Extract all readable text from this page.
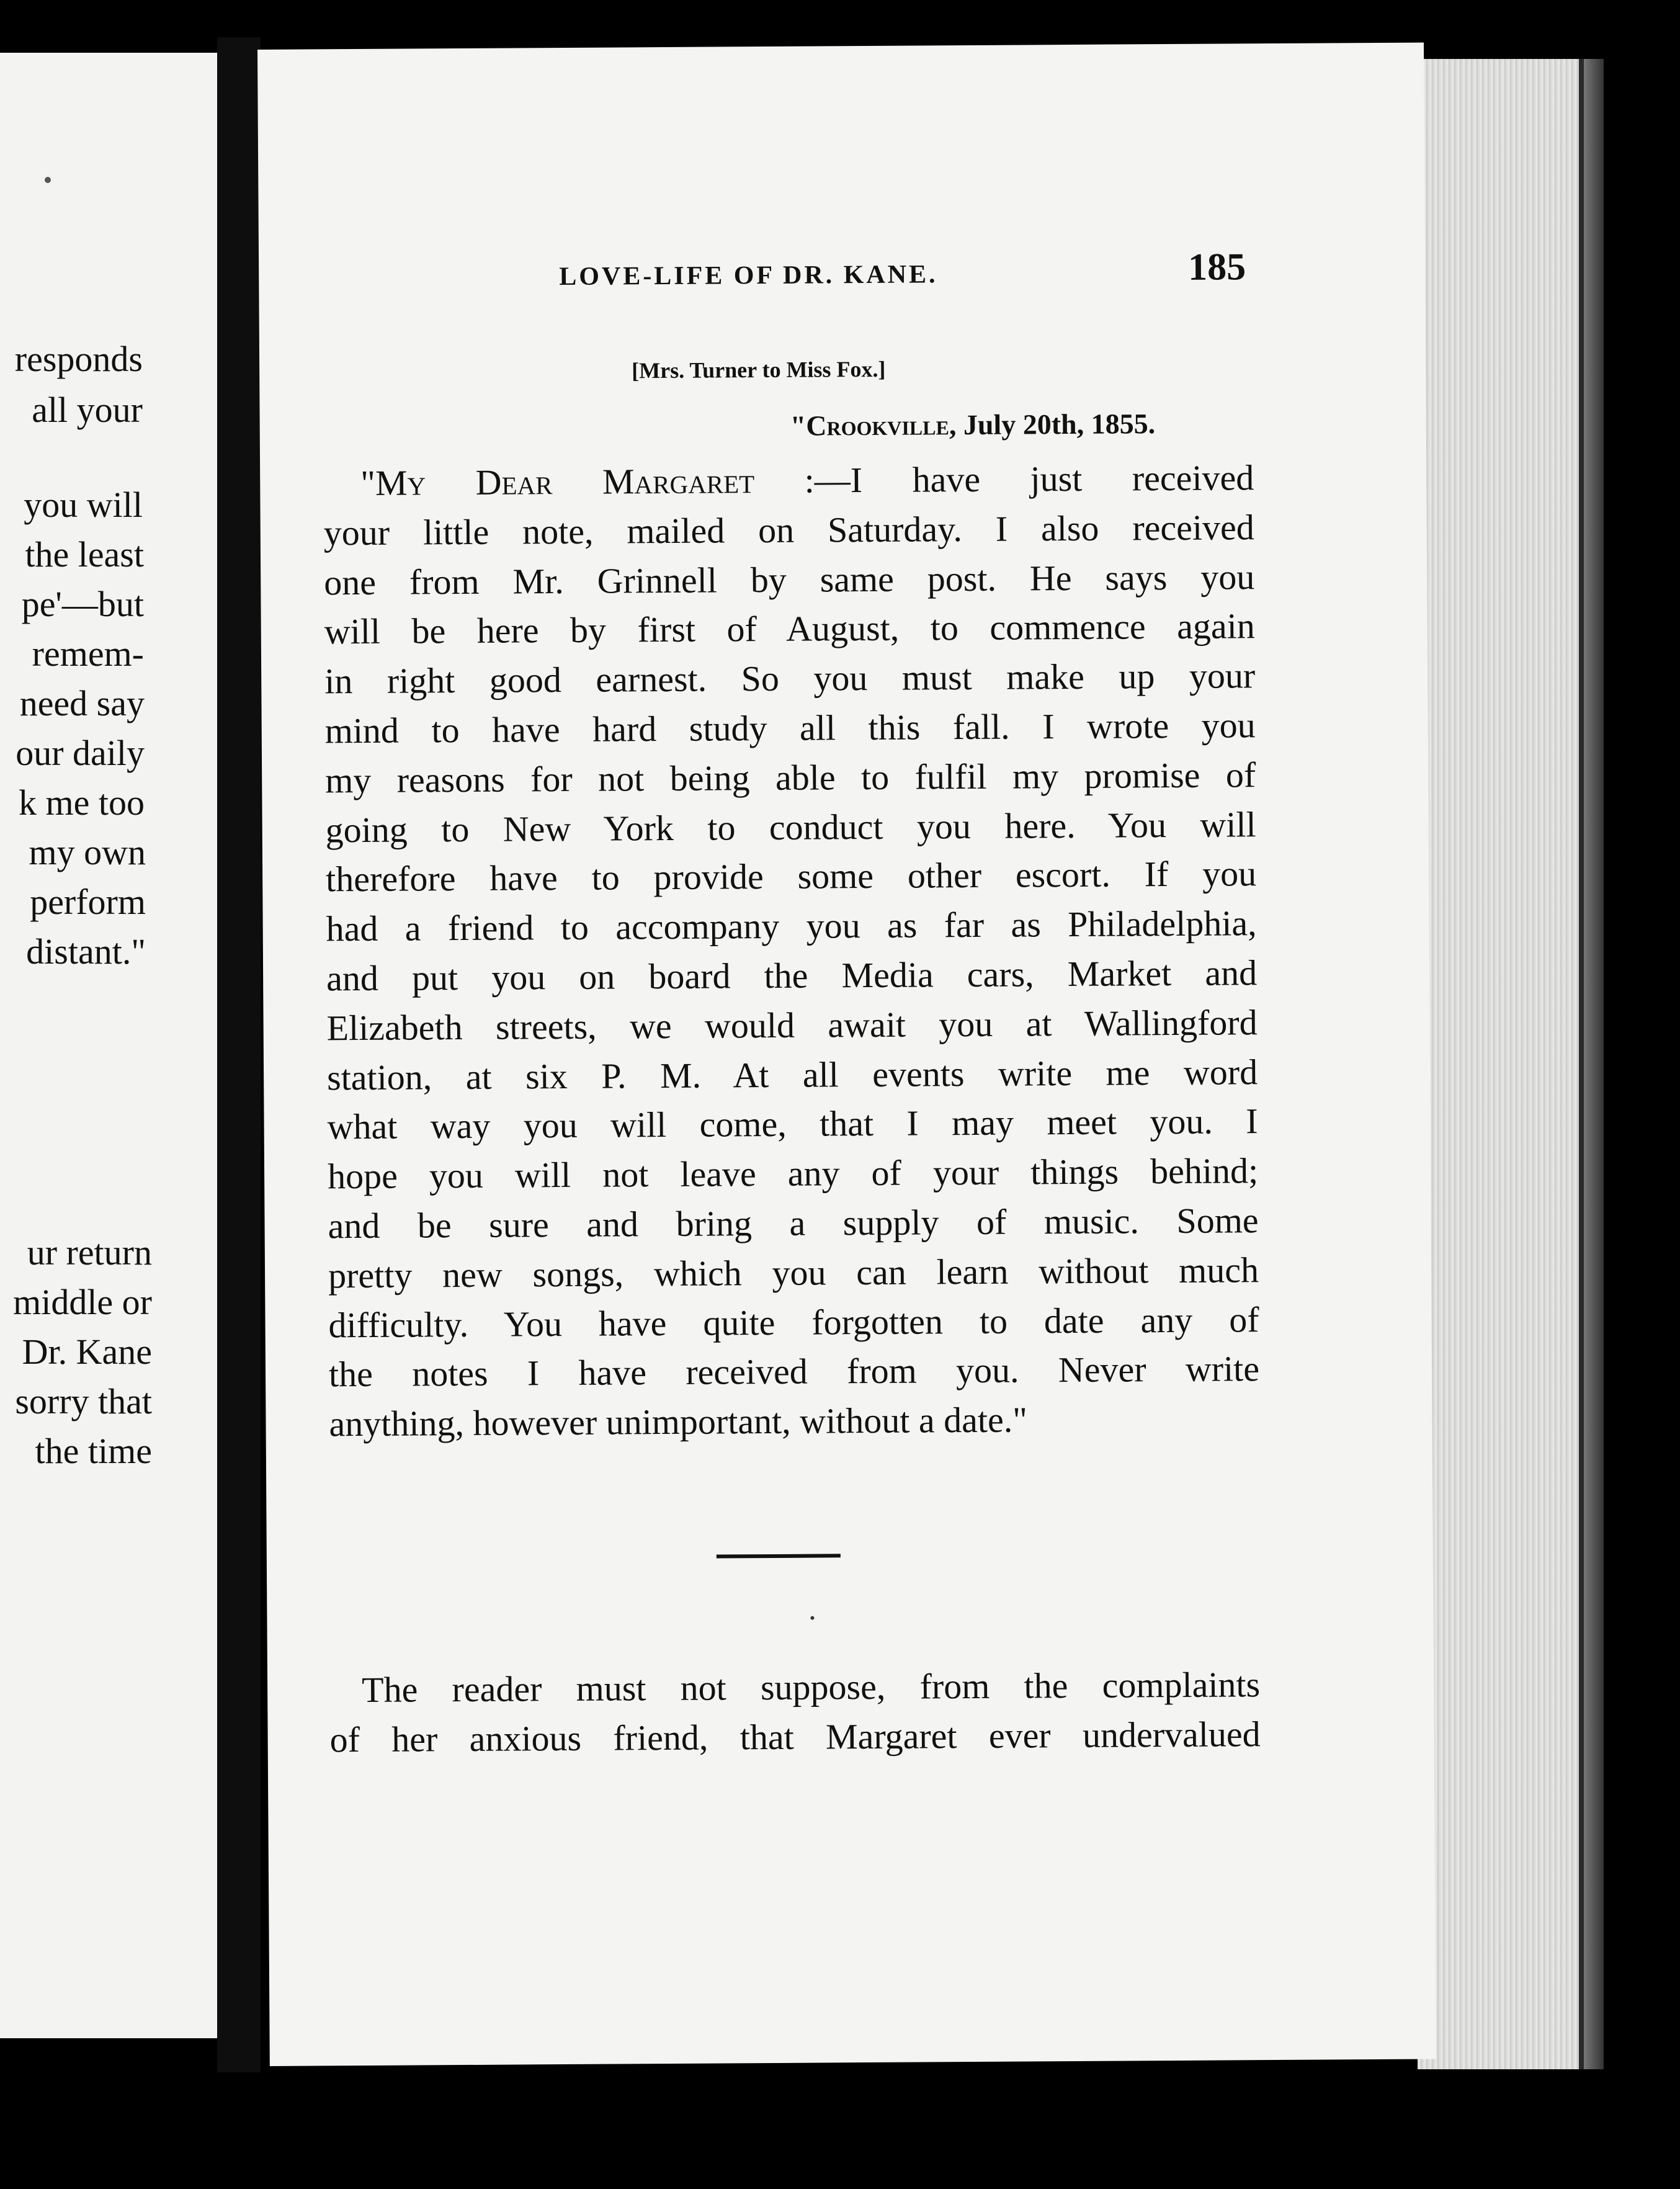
responds
all your
you will
the least
pe'—but
remem-
need say
our daily
k me too
my own
perform
distant."
ur return
middle or
Dr. Kane
sorry that
the time
LOVE-LIFE OF DR. KANE.	185
[Mrs. Turner to Miss Fox.]
"Crookville, July 20th, 1855.
"My Dear Margaret :—I have just received
your little note, mailed on Saturday. I also received
one from Mr. Grinnell by same post. He says you
will be here by first of August, to commence again
in right good earnest. So you must make up your
mind to have hard study all this fall. I wrote you
my reasons for not being able to fulfil my promise of
going to New York to conduct you here. You will
therefore have to provide some other escort. If you
had a friend to accompany you as far as Philadelphia,
and put you on board the Media cars, Market and
Elizabeth streets, we would await you at Wallingford
station, at six P. M. At all events write me word
what way you will come, that I may meet you. I
hope you will not leave any of your things behind;
and be sure and bring a supply of music. Some
pretty new songs, which you can learn without much
difficulty. You have quite forgotten to date any of
the notes I have received from you. Never write
anything, however unimportant, without a date."
The reader must not suppose, from the complaints
of her anxious friend, that Margaret ever undervalued
